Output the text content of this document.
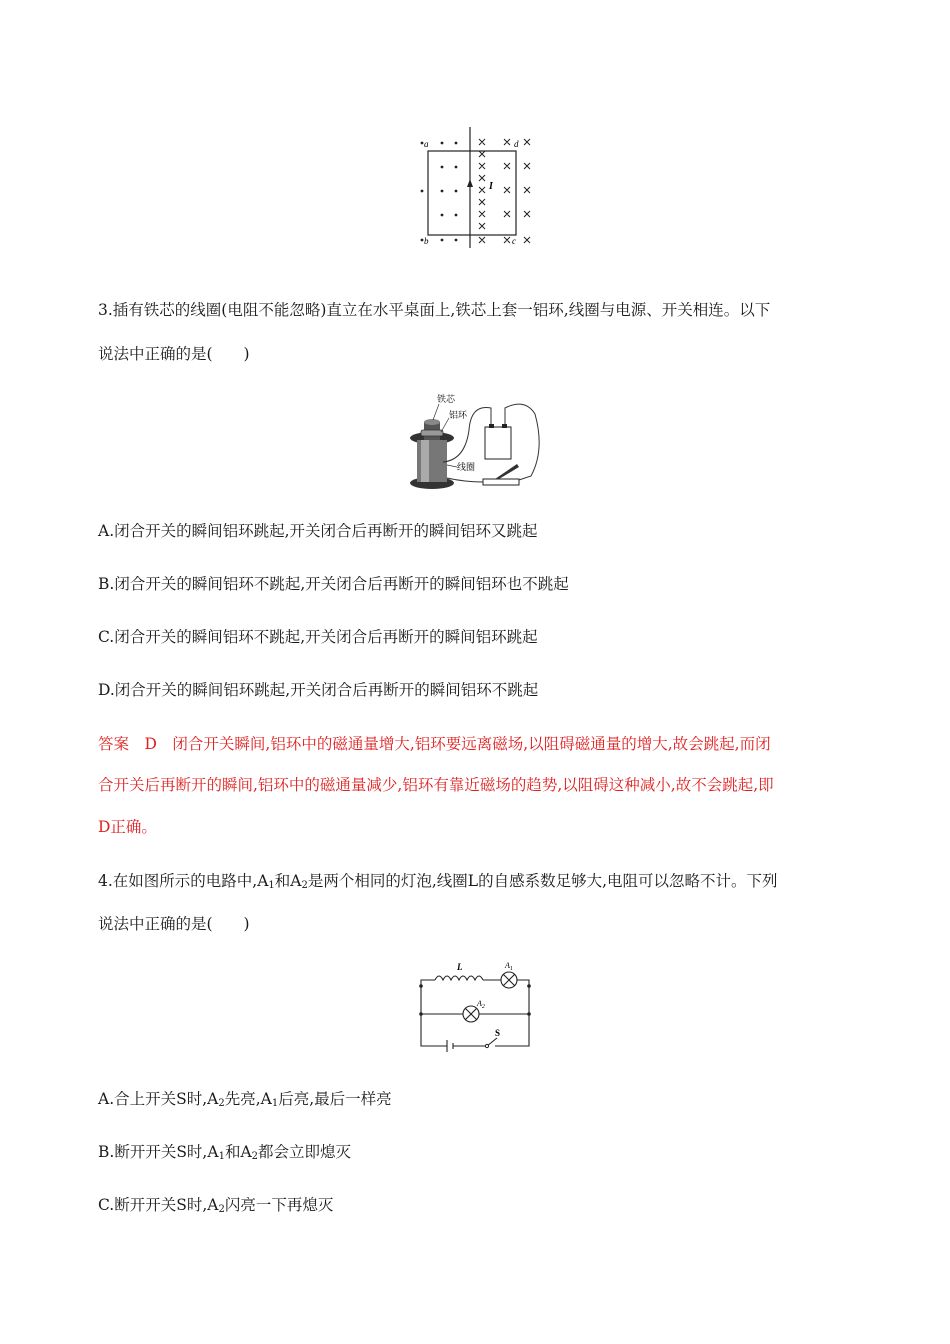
a
b	c
d
I
3.插有铁芯的线圈(电阻不能忽略)直立在水平桌面上,铁芯上套一铝环,线圈与电源、开关相连。以下
说法中正确的是(　　)
铁芯
铝环
线圈
A.闭合开关的瞬间铝环跳起,开关闭合后再断开的瞬间铝环又跳起
B.闭合开关的瞬间铝环不跳起,开关闭合后再断开的瞬间铝环也不跳起
C.闭合开关的瞬间铝环不跳起,开关闭合后再断开的瞬间铝环跳起
D.闭合开关的瞬间铝环跳起,开关闭合后再断开的瞬间铝环不跳起
答案　D　闭合开关瞬间,铝环中的磁通量增大,铝环要远离磁场,以阻碍磁通量的增大,故会跳起,而闭
合开关后再断开的瞬间,铝环中的磁通量减少,铝环有靠近磁场的趋势,以阻碍这种减小,故不会跳起,即
D正确。
4.在如图所示的电路中$,A_1$和$A_2$是两个相同的灯泡,线圈L的自感系数足够大,电阻可以忽略不计。下列
说法中正确的是(　　)
L	$A_1$
$A_2$
S
A.合上开关S时$,A_2$先亮$,A_1$后亮,最后一样亮
B.断开开关S时$,A_1$和$A_2$都会立即熄灭
C.断开开关S时$,A_2$闪亮一下再熄灭
